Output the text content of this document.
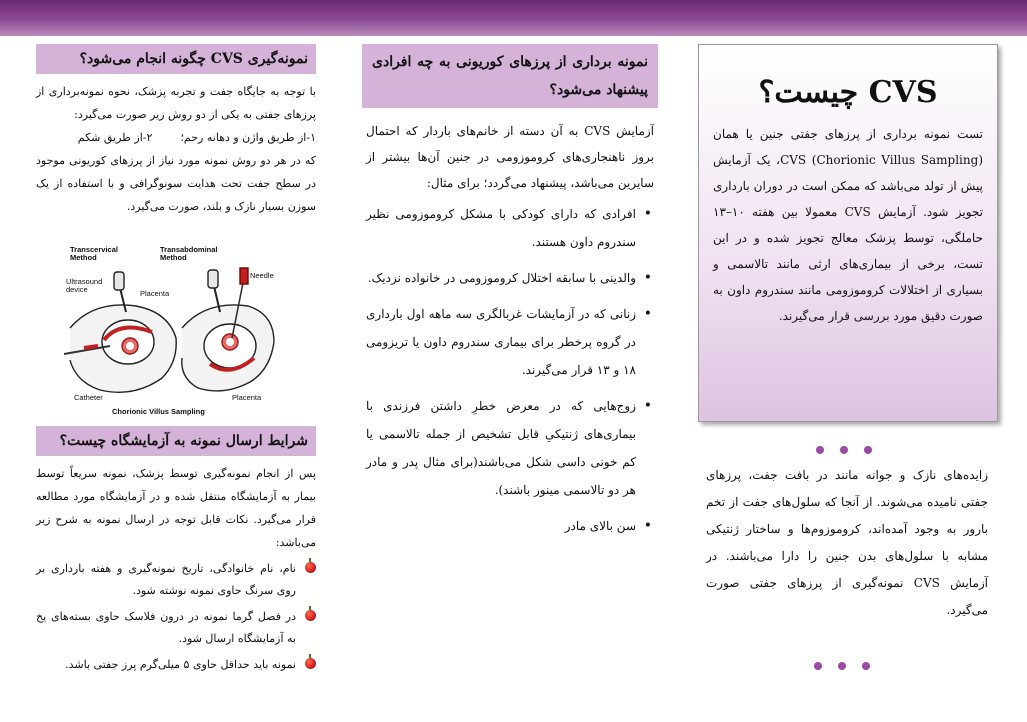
CVS چیست؟

تست نمونه برداری از پرزهای جفتی جنین یا همان (Chorionic Villus Sampling) CVS، یک آزمایش پیش از تولد می‌باشد که ممکن است در دوران بارداری تجویز شود. آزمایش CVS معمولا بین هفته ۱۰–۱۳ حاملگی، توسط پزشک معالج تجویز شده و در این تست، برخی از بیماری‌های ارثی مانند تالاسمی و بسیاری از اختلالات کروموزومی مانند سندروم داون به صورت دقیق مورد بررسی قرار می‌گیرند.

زایده‌های نازک و جوانه مانند در بافت جفت، پرزهای جفتی نامیده می‌شوند. از آنجا که سلول‌های جفت از تخم بارور به وجود آمده‌اند، کروموزوم‌ها و ساختار ژنتیکی مشابه با سلول‌های بدن جنین را دارا می‌باشند. در آزمایش CVS نمونه‌گیری از پرزهای جفتی صورت می‌گیرد.

نمونه برداری از پرزهای کوریونی به چه افرادی پیشنهاد می‌شود؟

آزمایش CVS به آن دسته از خانم‌های باردار که احتمال بروز ناهنجاری‌های کروموزومی در جنین آن‌ها بیشتر از سایرین می‌باشد، پیشنهاد می‌گردد؛ برای مثال:

•
افرادی که دارای کودکی با مشکل کروموزومی نظیر سندروم داون هستند.
•
والدینی با سابقه اختلال کروموزومی در خانواده نزدیک.
•
زنانی که در آزمایشات غربالگری سه ماهه اول بارداری در گروه پرخطر برای بیماری سندروم داون یا تریزومی ۱۸ و ۱۳ قرار می‌گیرند.
•
زوج‌هایی که در معرض خطرِ داشتن فرزندی با بیماری‌های ژنتیکیِ قابل تشخیص از جمله تالاسمی یا کم خونی داسی شکل می‌باشند(برای مثال پدر و مادر هر دو تالاسمی مینور باشند).
•
سن بالای مادر
نمونه‌گیری CVS چگونه انجام می‌شود؟

با توجه به جایگاه جفت و تجربه پزشک، نحوه نمونه‌برداری از پرزهای جفتی به یکی از دو روش زیر صورت می‌گیرد:

۱-از طریق واژن و دهانه رحم؛
۲-از طریق شکم

که در هر دو روش نمونه مورد نیاز از پرزهای کوریونی موجود در سطح جفت تحت هدایت سونوگرافی و با استفاده از یک سوزن بسیار نازک و بلند، صورت می‌گیرد.

Transcervical Method
Transabdominal Method
Ultrasound device	Placenta
Needle
Catheter	Placenta
Chorionic Villus Sampling
شرایط ارسال نمونه به آزمایشگاه چیست؟

پس از انجام نمونه‌گیری توسط پزشک، نمونه سریعاً توسط بیمار به آزمایشگاه منتقل شده و در آزمایشگاه مورد مطالعه قرار می‌گیرد. نکات قابل توجه در ارسال نمونه به شرح زیر می‌باشد:

نام، نام خانوادگی، تاریخ نمونه‌گیری و هفته بارداری بر روی سرنگ حاوی نمونه نوشته شود.
در فصل گرما نمونه در درون فلاسک حاوی بسته‌های یخ به آزمایشگاه ارسال شود.
نمونه باید حداقل حاوی ۵ میلی‌گرم پرز جفتی باشد.
